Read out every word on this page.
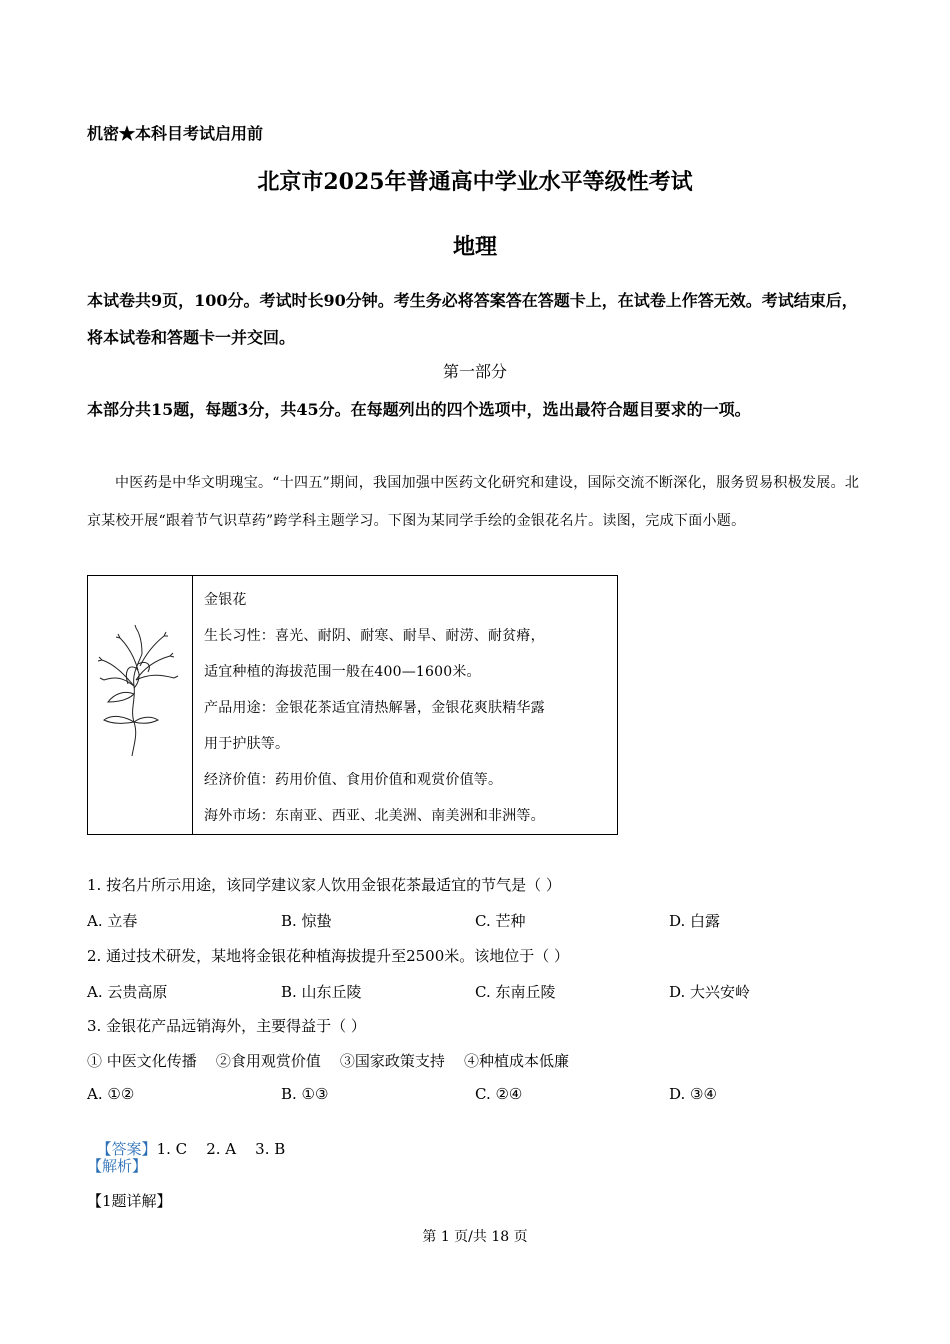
机密★本科目考试启用前
北京市2025年普通高中学业水平等级性考试
地理
本试卷共9页，100分。考试时长90分钟。考生务必将答案答在答题卡上，在试卷上作答无效。考试结束后，将本试卷和答题卡一并交回。
第一部分
本部分共15题，每题3分，共45分。在每题列出的四个选项中，选出最符合题目要求的一项。
中医药是中华文明瑰宝。“十四五”期间，我国加强中医药文化研究和建设，国际交流不断深化，服务贸易积极发展。北京某校开展“跟着节气识草药”跨学科主题学习。下图为某同学手绘的金银花名片。读图，完成下面小题。
金银花
生长习性：喜光、耐阴、耐寒、耐旱、耐涝、耐贫瘠，
适宜种植的海拔范围一般在400—1600米。
产品用途：金银花茶适宜清热解暑，金银花爽肤精华露
用于护肤等。
经济价值：药用价值、食用价值和观赏价值等。
海外市场：东南亚、西亚、北美洲、南美洲和非洲等。
1. 按名片所示用途，该同学建议家人饮用金银花茶最适宜的节气是（ ）
A. 立春	B. 惊蛰	C. 芒种	D. 白露
2. 通过技术研发，某地将金银花种植海拔提升至2500米。该地位于（ ）
A. 云贵高原	B. 山东丘陵	C. 东南丘陵	D. 大兴安岭
3. 金银花产品远销海外，主要得益于（ ）
① 中医文化传播    ②食用观赏价值    ③国家政策支持    ④种植成本低廉
A. ①②	B. ①③	C. ②④	D. ③④

【答案】1. C    2. A    3. B

【解析】
【1题详解】
第 1 页/共 18 页
